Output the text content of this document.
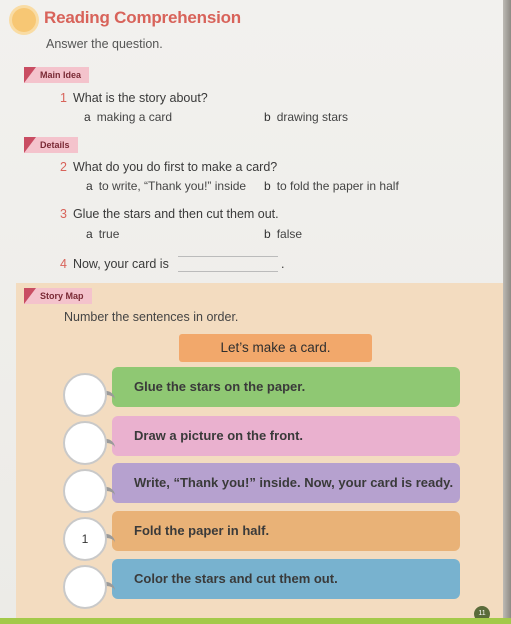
Reading Comprehension
Answer the question.
Main Idea
1 What is the story about?
a making a card	b drawing stars
Details
2 What do you do first to make a card?
a to write, “Thank you!” inside b to fold the paper in half
3 Glue the stars and then cut them out.
a true	b false
4 Now, your card is	.
Story Map
Number the sentences in order.
Let’s make a card.
Glue the stars on the paper.
Draw a picture on the front.
Write, “Thank you!” inside. Now, your card is ready.
Fold the paper in half.
1
Color the stars and cut them out.
11
